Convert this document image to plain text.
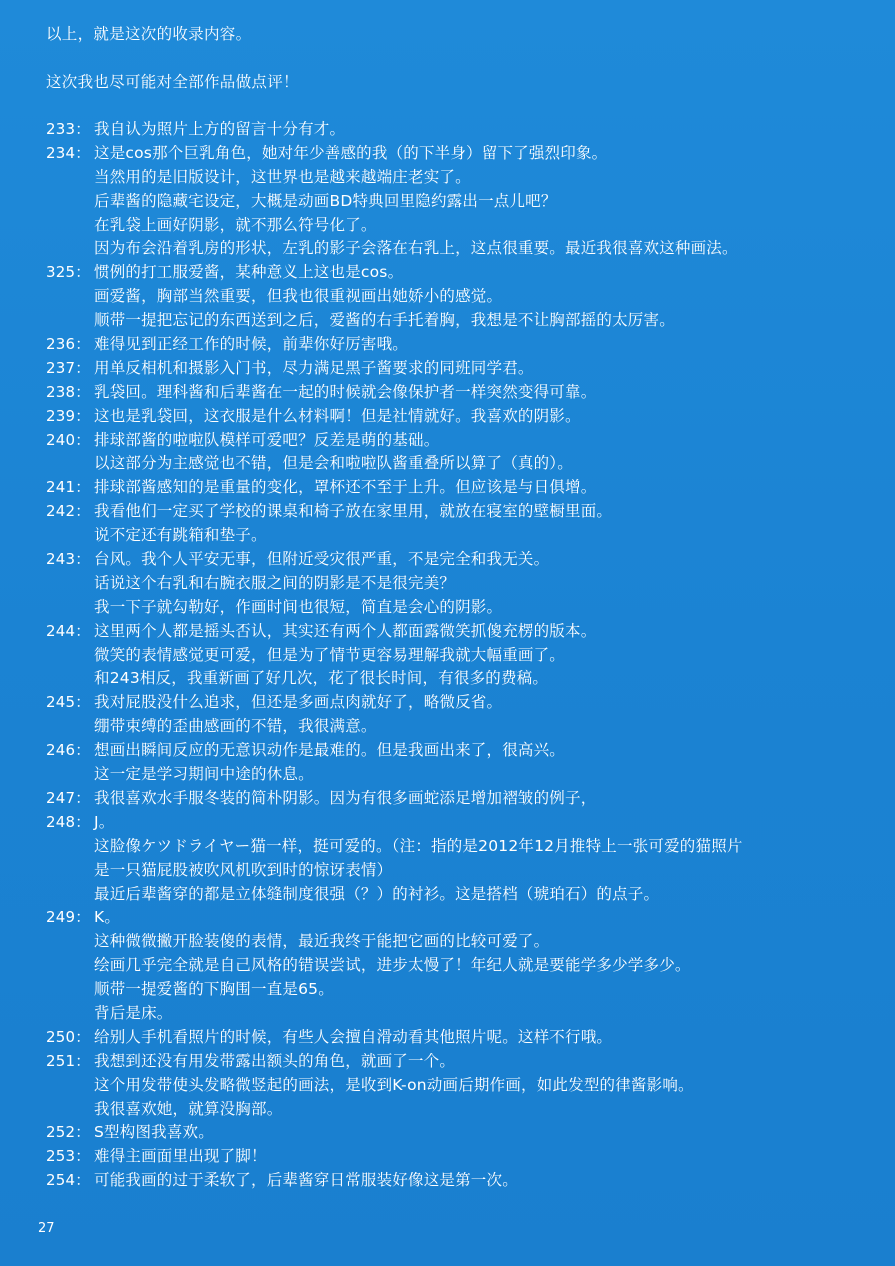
以上，就是这次的收录内容。
这次我也尽可能对全部作品做点评！
233： 我自认为照片上方的留言十分有才。
234： 这是cos那个巨乳角色，她对年少善感的我（的下半身）留下了强烈印象。
当然用的是旧版设计，这世界也是越来越端庄老实了。
后辈酱的隐藏宅设定，大概是动画BD特典回里隐约露出一点儿吧？
在乳袋上画好阴影，就不那么符号化了。
因为布会沿着乳房的形状，左乳的影子会落在右乳上，这点很重要。最近我很喜欢这种画法。
325： 惯例的打工服爱酱，某种意义上这也是cos。
画爱酱，胸部当然重要，但我也很重视画出她娇小的感觉。
顺带一提把忘记的东西送到之后，爱酱的右手托着胸，我想是不让胸部摇的太厉害。
236： 难得见到正经工作的时候，前辈你好厉害哦。
237： 用单反相机和摄影入门书，尽力满足黑子酱要求的同班同学君。
238： 乳袋回。理科酱和后辈酱在一起的时候就会像保护者一样突然变得可靠。
239： 这也是乳袋回，这衣服是什么材料啊！但是社情就好。我喜欢的阴影。
240： 排球部酱的啦啦队模样可爱吧？反差是萌的基础。
以这部分为主感觉也不错，但是会和啦啦队酱重叠所以算了（真的）。
241： 排球部酱感知的是重量的变化，罩杯还不至于上升。但应该是与日俱增。
242： 我看他们一定买了学校的课桌和椅子放在家里用，就放在寝室的壁橱里面。
说不定还有跳箱和垫子。
243： 台风。我个人平安无事，但附近受灾很严重，不是完全和我无关。
话说这个右乳和右腕衣服之间的阴影是不是很完美？
我一下子就勾勒好，作画时间也很短，简直是会心的阴影。
244： 这里两个人都是摇头否认，其实还有两个人都面露微笑抓傻充楞的版本。
微笑的表情感觉更可爱，但是为了情节更容易理解我就大幅重画了。
和243相反，我重新画了好几次，花了很长时间，有很多的费稿。
245： 我对屁股没什么追求，但还是多画点肉就好了，略微反省。
绷带束缚的歪曲感画的不错，我很满意。
246： 想画出瞬间反应的无意识动作是最难的。但是我画出来了，很高兴。
这一定是学习期间中途的休息。
247： 我很喜欢水手服冬装的简朴阴影。因为有很多画蛇添足增加褶皱的例子，
248： J。
这脸像ケツドライヤー猫一样，挺可爱的。（注：指的是2012年12月推特上一张可爱的猫照片
是一只猫屁股被吹风机吹到时的惊讶表情）
最近后辈酱穿的都是立体缝制度很强（？）的衬衫。这是搭档（琥珀石）的点子。
249： K。
这种微微撇开脸装傻的表情，最近我终于能把它画的比较可爱了。
绘画几乎完全就是自己风格的错误尝试，进步太慢了！年纪人就是要能学多少学多少。
顺带一提爱酱的下胸围一直是65。
背后是床。
250： 给别人手机看照片的时候，有些人会擅自滑动看其他照片呢。这样不行哦。
251： 我想到还没有用发带露出额头的角色，就画了一个。
这个用发带使头发略微竖起的画法，是收到K-on动画后期作画，如此发型的律酱影响。
我很喜欢她，就算没胸部。
252： S型构图我喜欢。
253： 难得主画面里出现了脚！
254： 可能我画的过于柔软了，后辈酱穿日常服装好像这是第一次。
27
